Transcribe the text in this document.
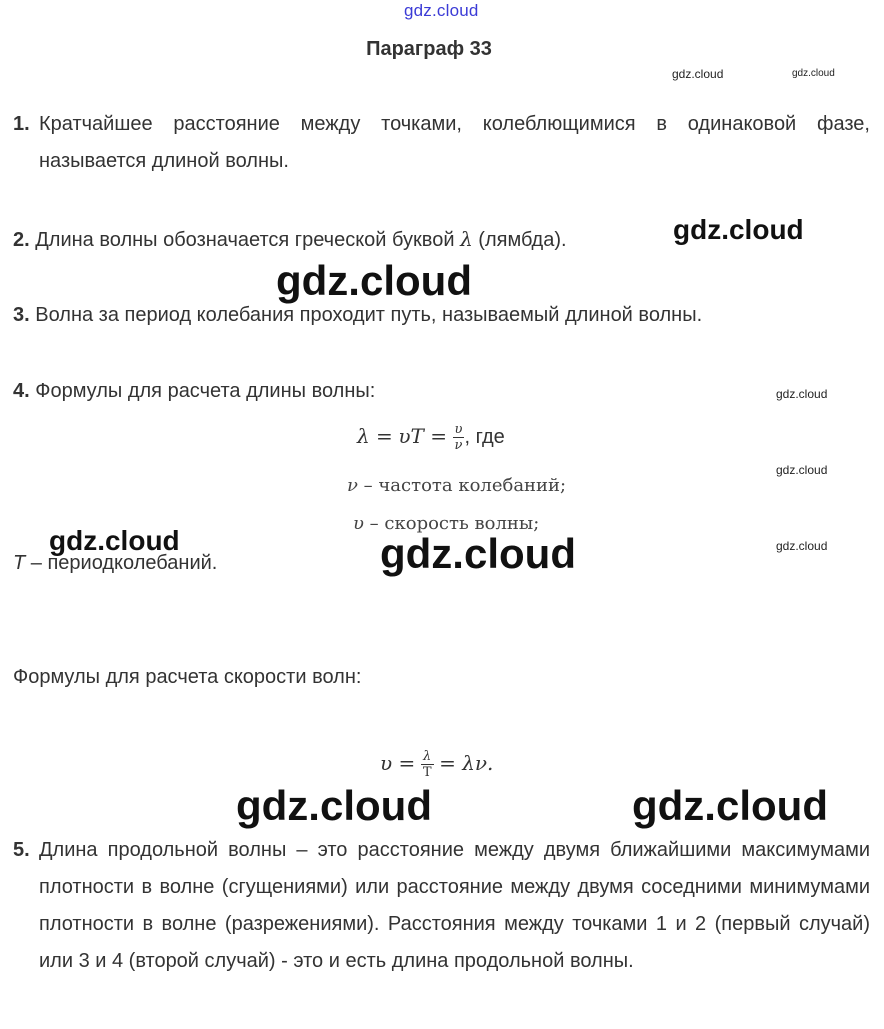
gdz.cloud
Параграф 33
gdz.cloud	gdz.cloud
1. Кратчайшее расстояние между точками, колеблющимися в одинаковой фазе, называется длиной волны.
2. Длина волны обозначается греческой буквой λ (лямбда).	gdz.cloud
gdz.cloud
3. Волна за период колебания проходит путь, называемый длиной волны.
4. Формулы для расчета длины волны:	gdz.cloud
$\lambda = \upsilon T = \frac{\upsilon}{\nu}$ , где
gdz.cloud
ν – частота колебаний;
υ – скорость волны;
gdz.cloud	gdz.cloud	gdz.cloud
T – периодколебаний.
Формулы для расчета скорости волн:
$\upsilon = \frac{\lambda}{T} = \lambda\nu$.
gdz.cloud	gdz.cloud
5. Длина продольной волны – это расстояние между двумя ближайшими максимумами плотности в волне (сгущениями) или расстояние между двумя соседними минимумами плотности в волне (разрежениями). Расстояния между точками 1 и 2 (первый случай) или 3 и 4 (второй случай) - это и есть длина продольной волны.
